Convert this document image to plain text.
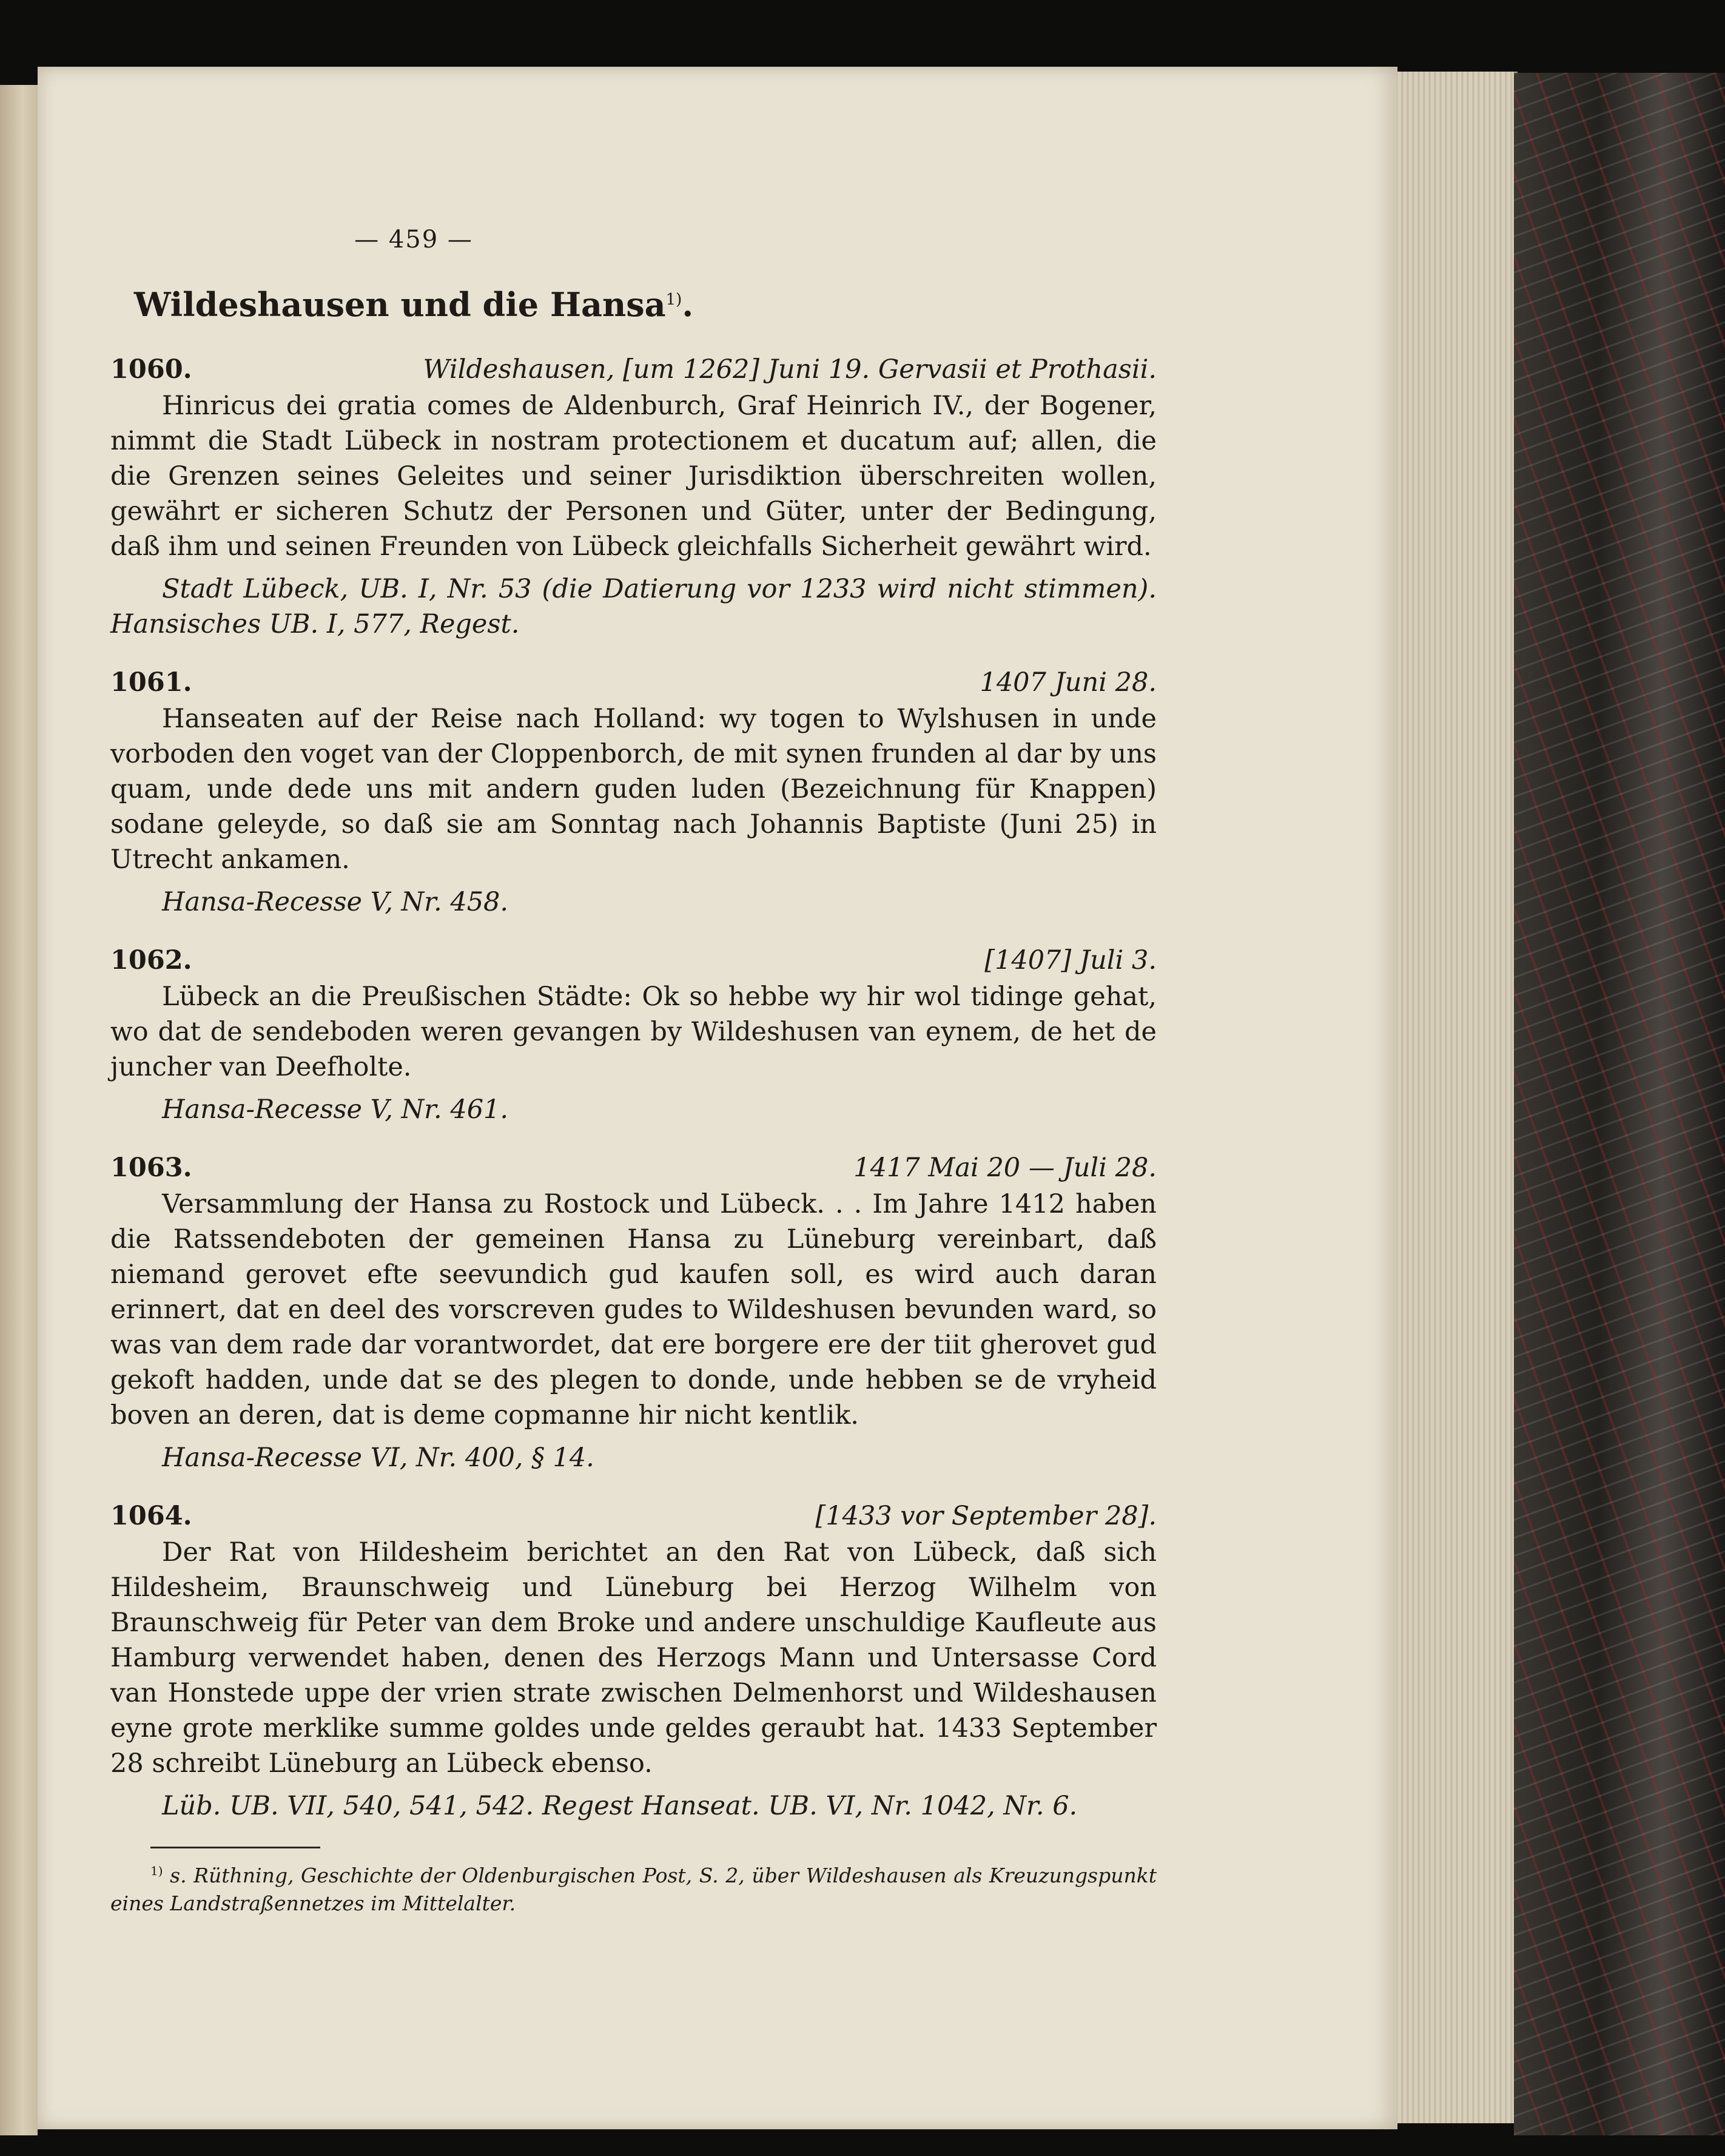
— 459 —
Wildeshausen und die Hansa$^{1)}$.
1060.	Wildeshausen, [um 1262] Juni 19. Gervasii et Prothasii.

Hinricus dei gratia comes de Aldenburch, Graf Heinrich IV., der Bogener, nimmt die Stadt Lübeck in nostram protectionem et ducatum auf; allen, die die Grenzen seines Geleites und seiner Jurisdiktion überschreiten wollen, gewährt er sicheren Schutz der Personen und Güter, unter der Bedingung, daß ihm und seinen Freunden von Lübeck gleichfalls Sicherheit gewährt wird.

Stadt Lübeck, UB. I, Nr. 53 (die Datierung vor 1233 wird nicht stimmen). Hansisches UB. I, 577, Regest.

1061.	1407 Juni 28.

Hanseaten auf der Reise nach Holland: wy togen to Wylshusen in unde vorboden den voget van der Cloppenborch, de mit synen frunden al dar by uns quam, unde dede uns mit andern guden luden (Bezeichnung für Knappen) sodane geleyde, so daß sie am Sonntag nach Johannis Baptiste (Juni 25) in Utrecht ankamen.

Hansa-Recesse V, Nr. 458.

1062.	[1407] Juli 3.

Lübeck an die Preußischen Städte: Ok so hebbe wy hir wol tidinge gehat, wo dat de sendeboden weren gevangen by Wildeshusen van eynem, de het de juncher van Deefholte.

Hansa-Recesse V, Nr. 461.

1063.	1417 Mai 20 — Juli 28.

Versammlung der Hansa zu Rostock und Lübeck. . . Im Jahre 1412 haben die Ratssendeboten der gemeinen Hansa zu Lüneburg vereinbart, daß niemand gerovet efte seevundich gud kaufen soll, es wird auch daran erinnert, dat en deel des vorscreven gudes to Wildeshusen bevunden ward, so was van dem rade dar vorantwordet, dat ere borgere ere der tiit gherovet gud gekoft hadden, unde dat se des plegen to donde, unde hebben se de vryheid boven an deren, dat is deme copmanne hir nicht kentlik.

Hansa-Recesse VI, Nr. 400, § 14.

1064.	[1433 vor September 28].

Der Rat von Hildesheim berichtet an den Rat von Lübeck, daß sich Hildesheim, Braunschweig und Lüneburg bei Herzog Wilhelm von Braunschweig für Peter van dem Broke und andere unschuldige Kaufleute aus Hamburg verwendet haben, denen des Herzogs Mann und Untersasse Cord van Honstede uppe der vrien strate zwischen Delmenhorst und Wildeshausen eyne grote merklike summe goldes unde geldes geraubt hat. 1433 September 28 schreibt Lüneburg an Lübeck ebenso.

Lüb. UB. VII, 540, 541, 542. Regest Hanseat. UB. VI, Nr. 1042, Nr. 6.

$^{1)}$ s. Rüthning, Geschichte der Oldenburgischen Post, S. 2, über Wildeshausen als Kreuzungspunkt eines Landstraßennetzes im Mittelalter.
